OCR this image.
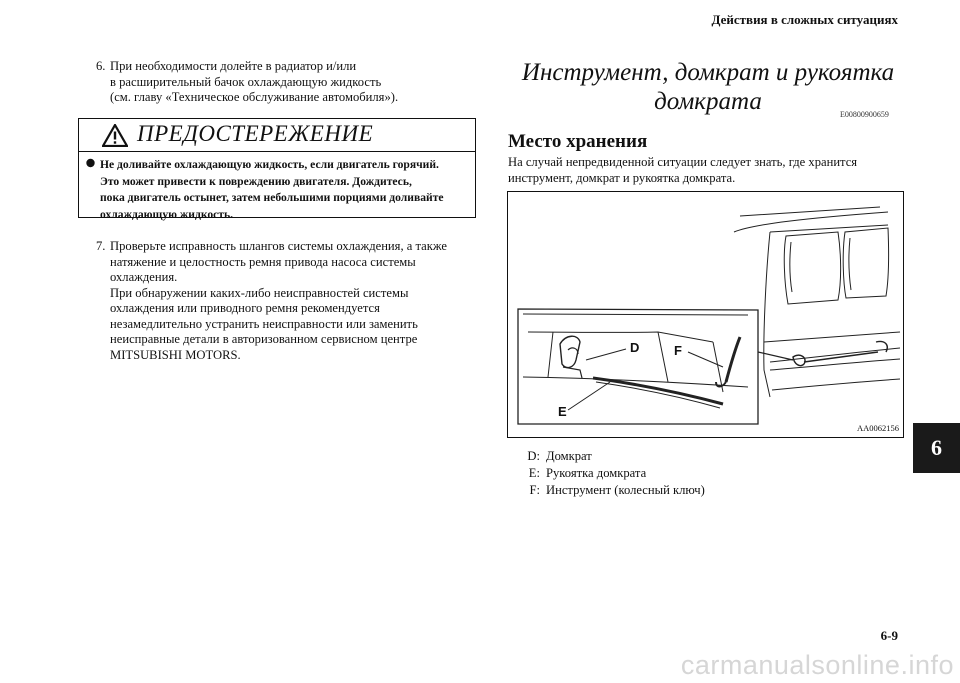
Действия в сложных ситуациях
6
6-9
6. При необходимости долейте в радиатор и/или
в расширительный бачок охлаждающую жидкость
(см. главу «Техническое обслуживание автомобиля»).
ПРЕДОСТЕРЕЖЕНИЕ
Не доливайте охлаждающую жидкость, если двигатель горячий.
Это может привести к повреждению двигателя. Дождитесь,
пока двигатель остынет, затем небольшими порциями доливайте
охлаждающую жидкость.
7. Проверьте исправность шлангов системы охлаждения, а также
натяжение и целостность ремня привода насоса системы
охлаждения.
При обнаружении каких-либо неисправностей системы
охлаждения или приводного ремня рекомендуется
незамедлительно устранить неисправности или заменить
неисправные детали в авторизованном сервисном центре
MITSUBISHI MOTORS.
Инструмент, домкрат и рукоятка
домкрата	E00800900659
Место хранения
На случай непредвиденной ситуации следует знать, где хранится
инструмент, домкрат и рукоятка домкрата.
D	F
E
AA0062156
D: Домкрат
E: Рукоятка домкрата
F: Инструмент (колесный ключ)
carmanualsonline.info
